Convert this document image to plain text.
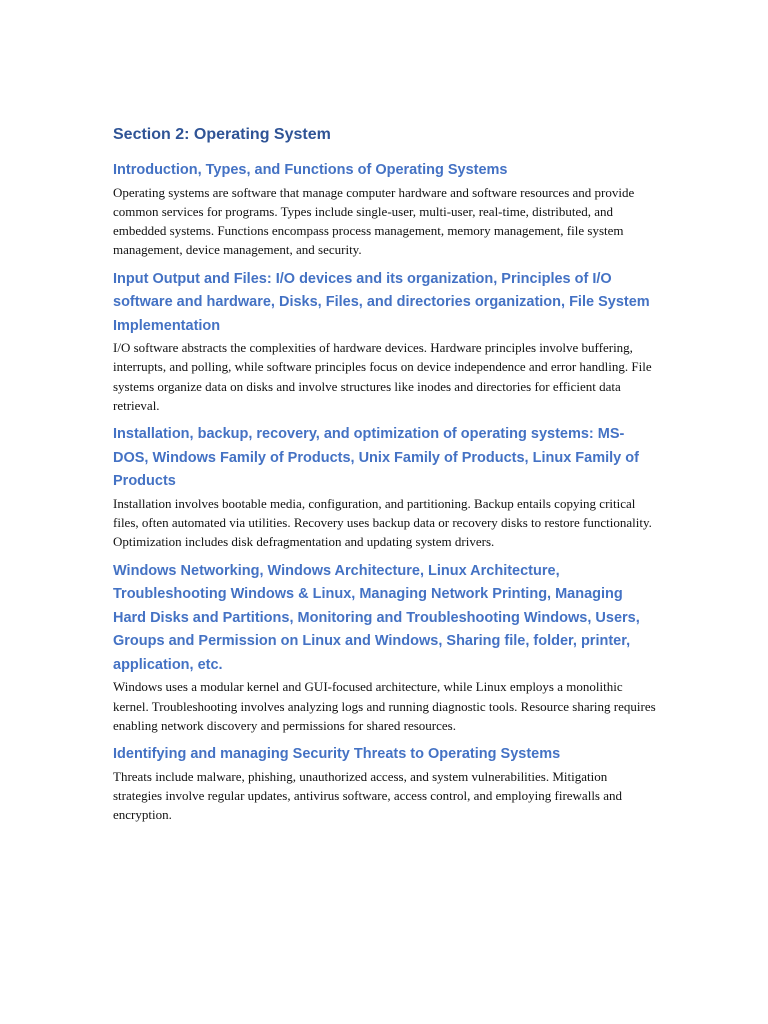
Section 2: Operating System
Introduction, Types, and Functions of Operating Systems

Operating systems are software that manage computer hardware and software resources and provide common services for programs. Types include single-user, multi-user, real-time, distributed, and embedded systems. Functions encompass process management, memory management, file system management, device management, and security.

Input Output and Files: I/O devices and its organization, Principles of I/O software and hardware, Disks, Files, and directories organization, File System Implementation

I/O software abstracts the complexities of hardware devices. Hardware principles involve buffering, interrupts, and polling, while software principles focus on device independence and error handling. File systems organize data on disks and involve structures like inodes and directories for efficient data retrieval.

Installation, backup, recovery, and optimization of operating systems: MS-DOS, Windows Family of Products, Unix Family of Products, Linux Family of Products

Installation involves bootable media, configuration, and partitioning. Backup entails copying critical files, often automated via utilities. Recovery uses backup data or recovery disks to restore functionality. Optimization includes disk defragmentation and updating system drivers.

Windows Networking, Windows Architecture, Linux Architecture, Troubleshooting Windows & Linux, Managing Network Printing, Managing Hard Disks and Partitions, Monitoring and Troubleshooting Windows, Users, Groups and Permission on Linux and Windows, Sharing file, folder, printer, application, etc.

Windows uses a modular kernel and GUI-focused architecture, while Linux employs a monolithic kernel. Troubleshooting involves analyzing logs and running diagnostic tools. Resource sharing requires enabling network discovery and permissions for shared resources.

Identifying and managing Security Threats to Operating Systems

Threats include malware, phishing, unauthorized access, and system vulnerabilities. Mitigation strategies involve regular updates, antivirus software, access control, and employing firewalls and encryption.
